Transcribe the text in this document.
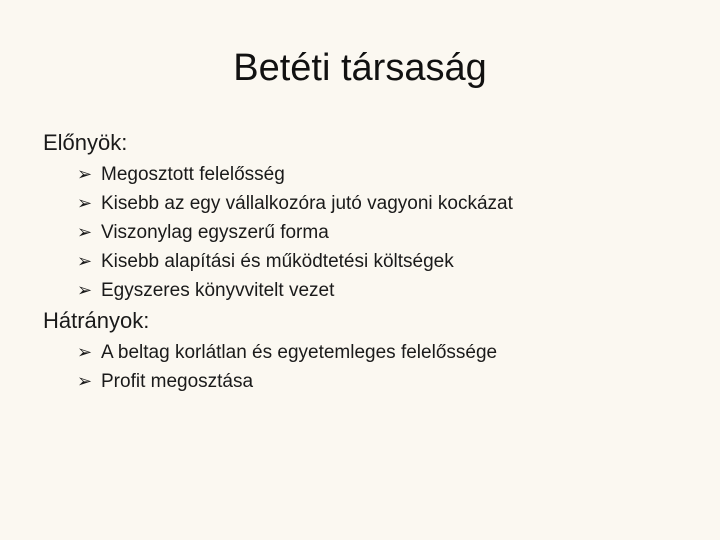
Betéti társaság
Előnyök:
➢ Megosztott felelősség
➢ Kisebb az egy vállalkozóra jutó vagyoni kockázat
➢ Viszonylag egyszerű forma
➢ Kisebb alapítási és működtetési költségek
➢ Egyszeres könyvvitelt vezet
Hátrányok:
➢ A beltag korlátlan és egyetemleges felelőssége
➢ Profit megosztása
